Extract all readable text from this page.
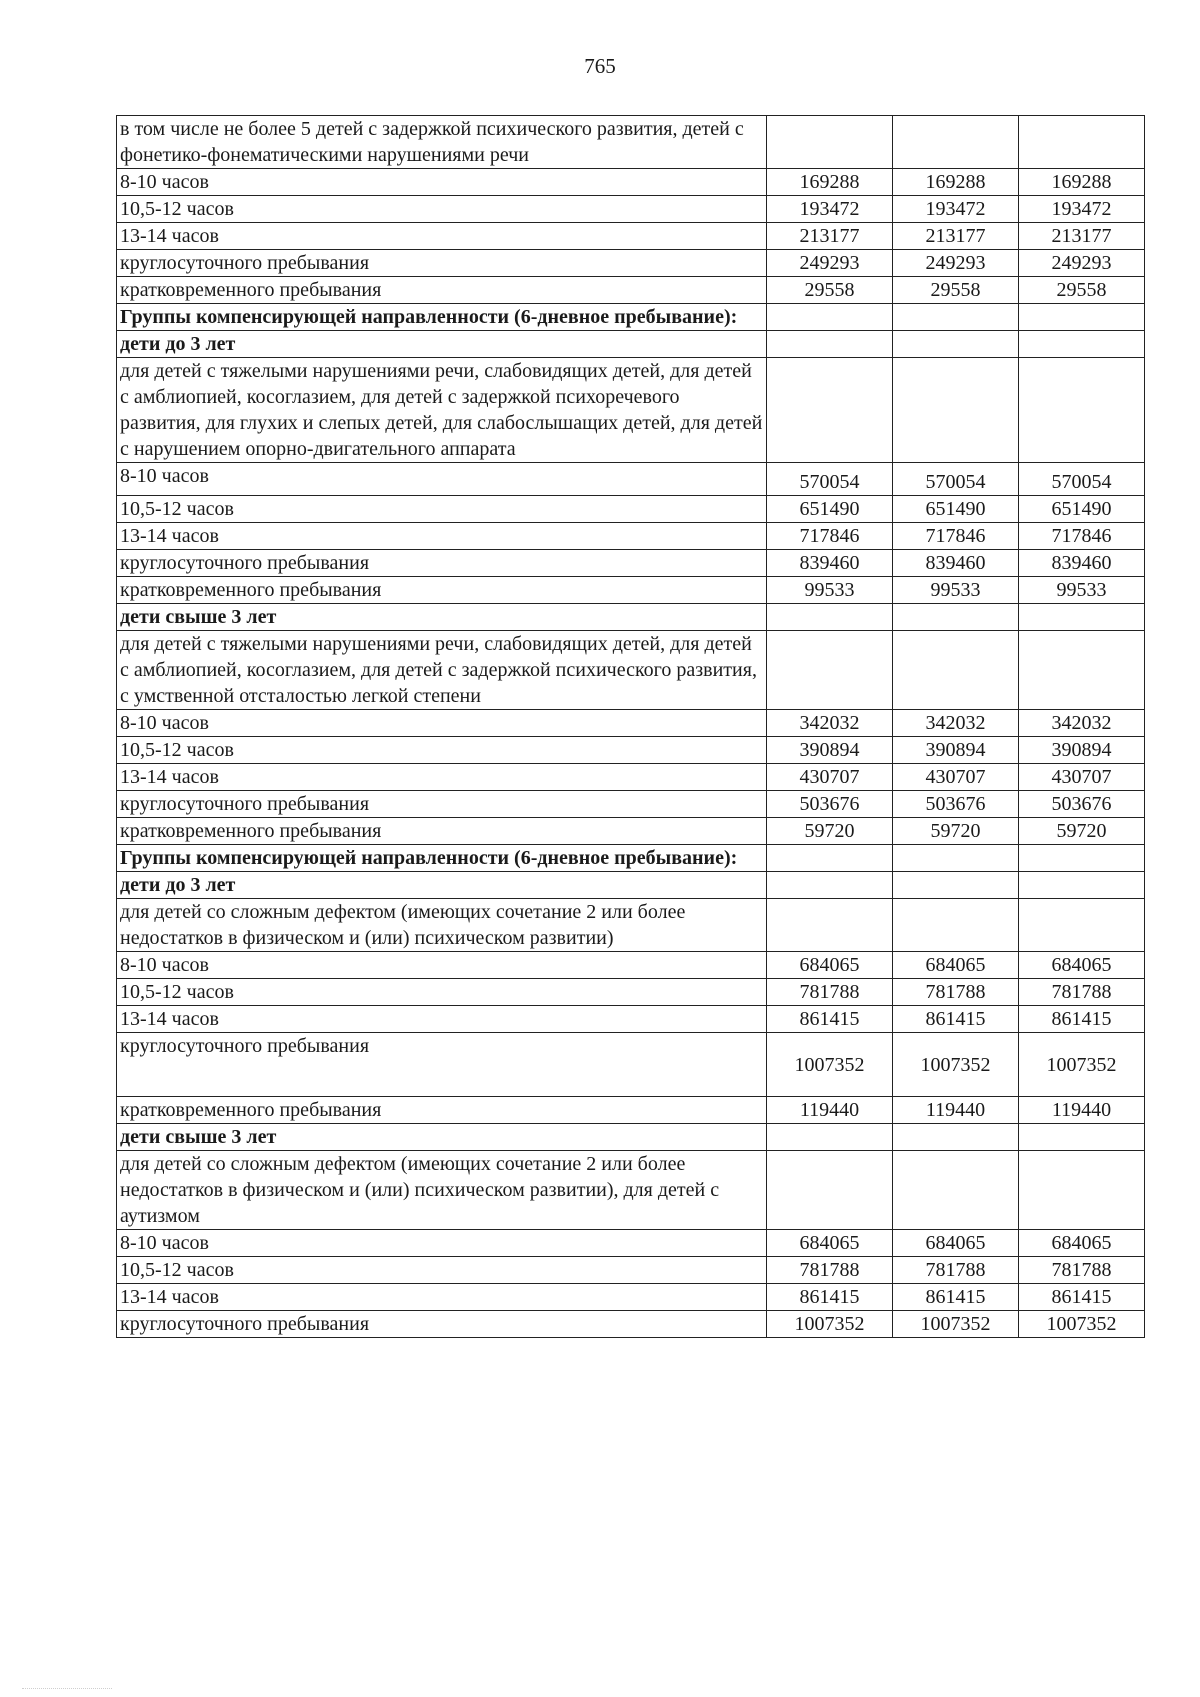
765
в том числе не более 5 детей с задержкой психического развития, детей с фонетико-фонематическими нарушениями речи			
8-10 часов	169288	169288	169288
10,5-12 часов	193472	193472	193472
13-14 часов	213177	213177	213177
круглосуточного пребывания	249293	249293	249293
кратковременного пребывания	29558	29558	29558
Группы компенсирующей направленности (6-дневное пребывание):			
дети до 3 лет			
для детей с тяжелыми нарушениями речи, слабовидящих детей, для детей с амблиопией, косоглазием, для детей с задержкой психоречевого развития, для глухих и слепых детей, для слабослышащих детей, для детей с нарушением опорно-двигательного аппарата			
8-10 часов	570054	570054	570054
10,5-12 часов	651490	651490	651490
13-14 часов	717846	717846	717846
круглосуточного пребывания	839460	839460	839460
кратковременного пребывания	99533	99533	99533
дети свыше 3 лет			
для детей с тяжелыми нарушениями речи, слабовидящих детей, для детей с амблиопией, косоглазием, для детей с задержкой психического развития, с умственной отсталостью легкой степени			
8-10 часов	342032	342032	342032
10,5-12 часов	390894	390894	390894
13-14 часов	430707	430707	430707
круглосуточного пребывания	503676	503676	503676
кратковременного пребывания	59720	59720	59720
Группы компенсирующей направленности (6-дневное пребывание):			
дети до 3 лет			
для детей со сложным дефектом (имеющих сочетание 2 или более недостатков в физическом и (или) психическом развитии)			
8-10 часов	684065	684065	684065
10,5-12 часов	781788	781788	781788
13-14 часов	861415	861415	861415
круглосуточного пребывания	1007352	1007352	1007352
кратковременного пребывания	119440	119440	119440
дети свыше 3 лет			
для детей со сложным дефектом (имеющих сочетание 2 или более недостатков в физическом и (или) психическом развитии), для детей с аутизмом			
8-10 часов	684065	684065	684065
10,5-12 часов	781788	781788	781788
13-14 часов	861415	861415	861415
круглосуточного пребывания	1007352	1007352	1007352
